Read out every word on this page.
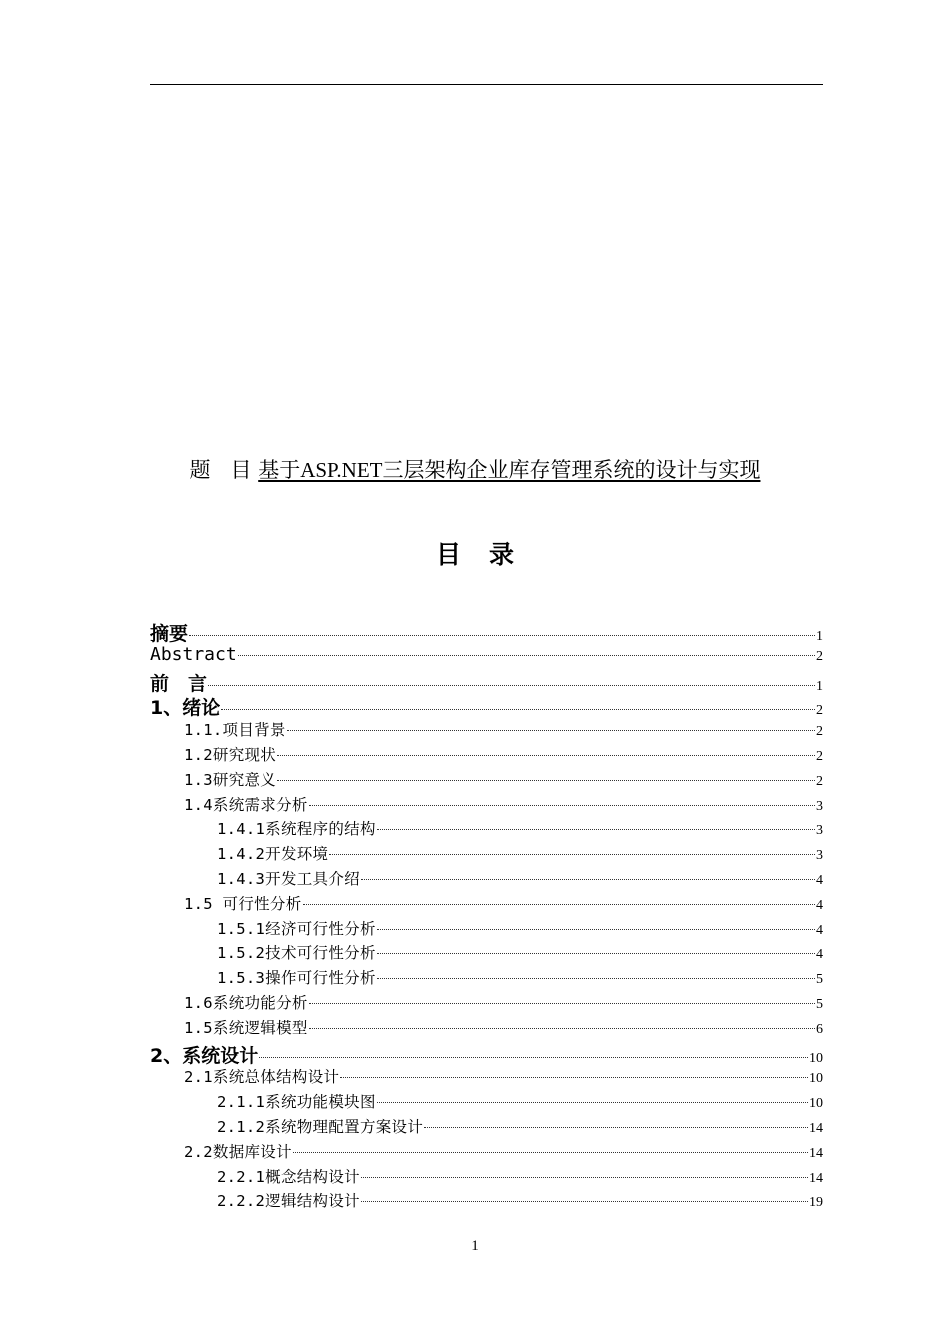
题 目 基于ASP.NET三层架构企业库存管理系统的设计与实现
目 录
摘要	1
Abstract	2
前　言	1
1、绪论	2
1.1.项目背景	2
1.2研究现状	2
1.3研究意义	2
1.4系统需求分析	3
1.4.1系统程序的结构	3
1.4.2开发环境	3
1.4.3开发工具介绍	4
1.5 可行性分析	4
1.5.1经济可行性分析	4
1.5.2技术可行性分析	4
1.5.3操作可行性分析	5
1.6系统功能分析	5
1.5系统逻辑模型	6
2、系统设计	10
2.1系统总体结构设计	10
2.1.1系统功能模块图	10
2.1.2系统物理配置方案设计	14
2.2数据库设计	14
2.2.1概念结构设计	14
2.2.2逻辑结构设计	19
1
